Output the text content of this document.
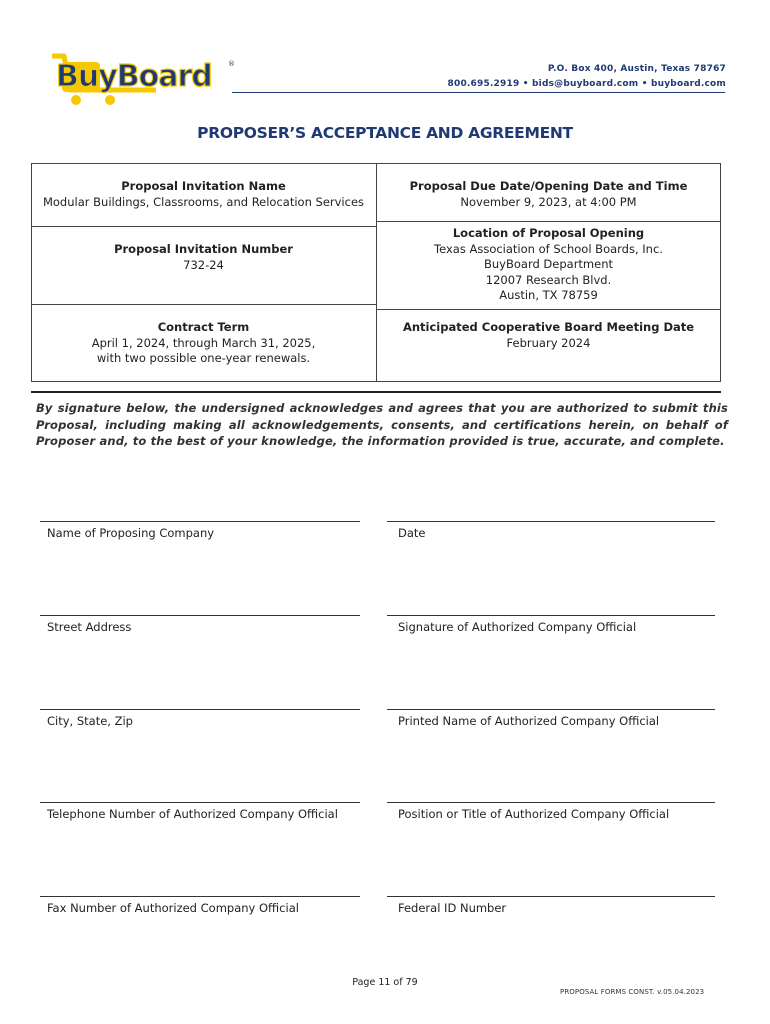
BuyBoard ®	P.O. Box 400, Austin, Texas 78767
800.695.2919 • bids@buyboard.com • buyboard.com
PROPOSER’S ACCEPTANCE AND AGREEMENT
Proposal Invitation Name
Modular Buildings, Classrooms, and Relocation Services
Proposal Due Date/Opening Date and Time
November 9, 2023, at 4:00 PM
Proposal Invitation Number
732-24
Location of Proposal Opening
Texas Association of School Boards, Inc.
BuyBoard Department
12007 Research Blvd.
Austin, TX 78759
Contract Term
April 1, 2024, through March 31, 2025,
with two possible one-year renewals.
Anticipated Cooperative Board Meeting Date
February 2024
By signature below, the undersigned acknowledges and agrees that you are authorized to submit this Proposal, including making all acknowledgements, consents, and certifications herein, on behalf of Proposer and, to the best of your knowledge, the information provided is true, accurate, and complete.
Name of Proposing Company
Street Address
City, State, Zip
Telephone Number of Authorized Company Official
Fax Number of Authorized Company Official
Date
Signature of Authorized Company Official
Printed Name of Authorized Company Official
Position or Title of Authorized Company Official
Federal ID Number
Page 11 of 79
PROPOSAL FORMS CONST. v.05.04.2023
